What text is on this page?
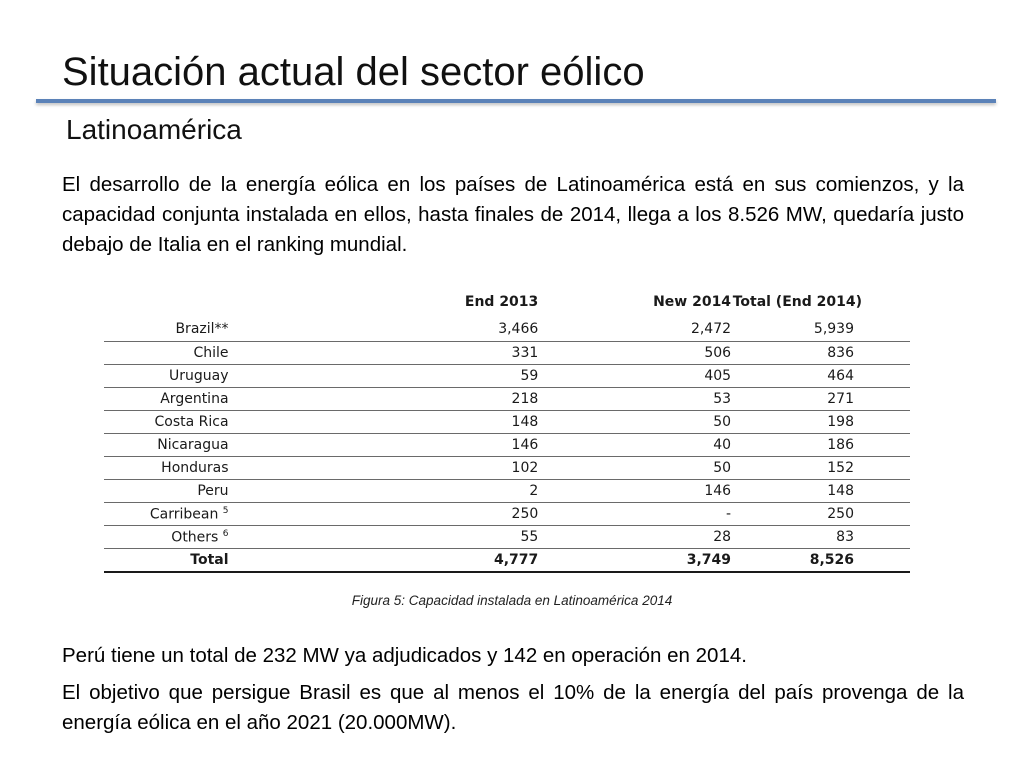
Situación actual del sector eólico
Latinoamérica

El desarrollo de la energía eólica en los países de Latinoamérica está en sus comienzos, y la capacidad conjunta instalada en ellos, hasta finales de 2014, llega a los 8.526 MW, quedaría justo debajo de Italia en el ranking mundial.

	End 2013	New 2014	Total (End 2014)
Brazil**	3,466	2,472	5,939
Chile	331	506	836
Uruguay	59	405	464
Argentina	218	53	271
Costa Rica	148	50	198
Nicaragua	146	40	186
Honduras	102	50	152
Peru	2	146	148
Carribean $^5$	250	-	250
Others $^6$	55	28	83
Total	4,777	3,749	8,526
Figura 5: Capacidad instalada en Latinoamérica 2014

Perú tiene un total de 232 MW ya adjudicados y 142 en operación en 2014.

El objetivo que persigue Brasil es que al menos el 10% de la energía del país provenga de la energía eólica en el año 2021 (20.000MW).
